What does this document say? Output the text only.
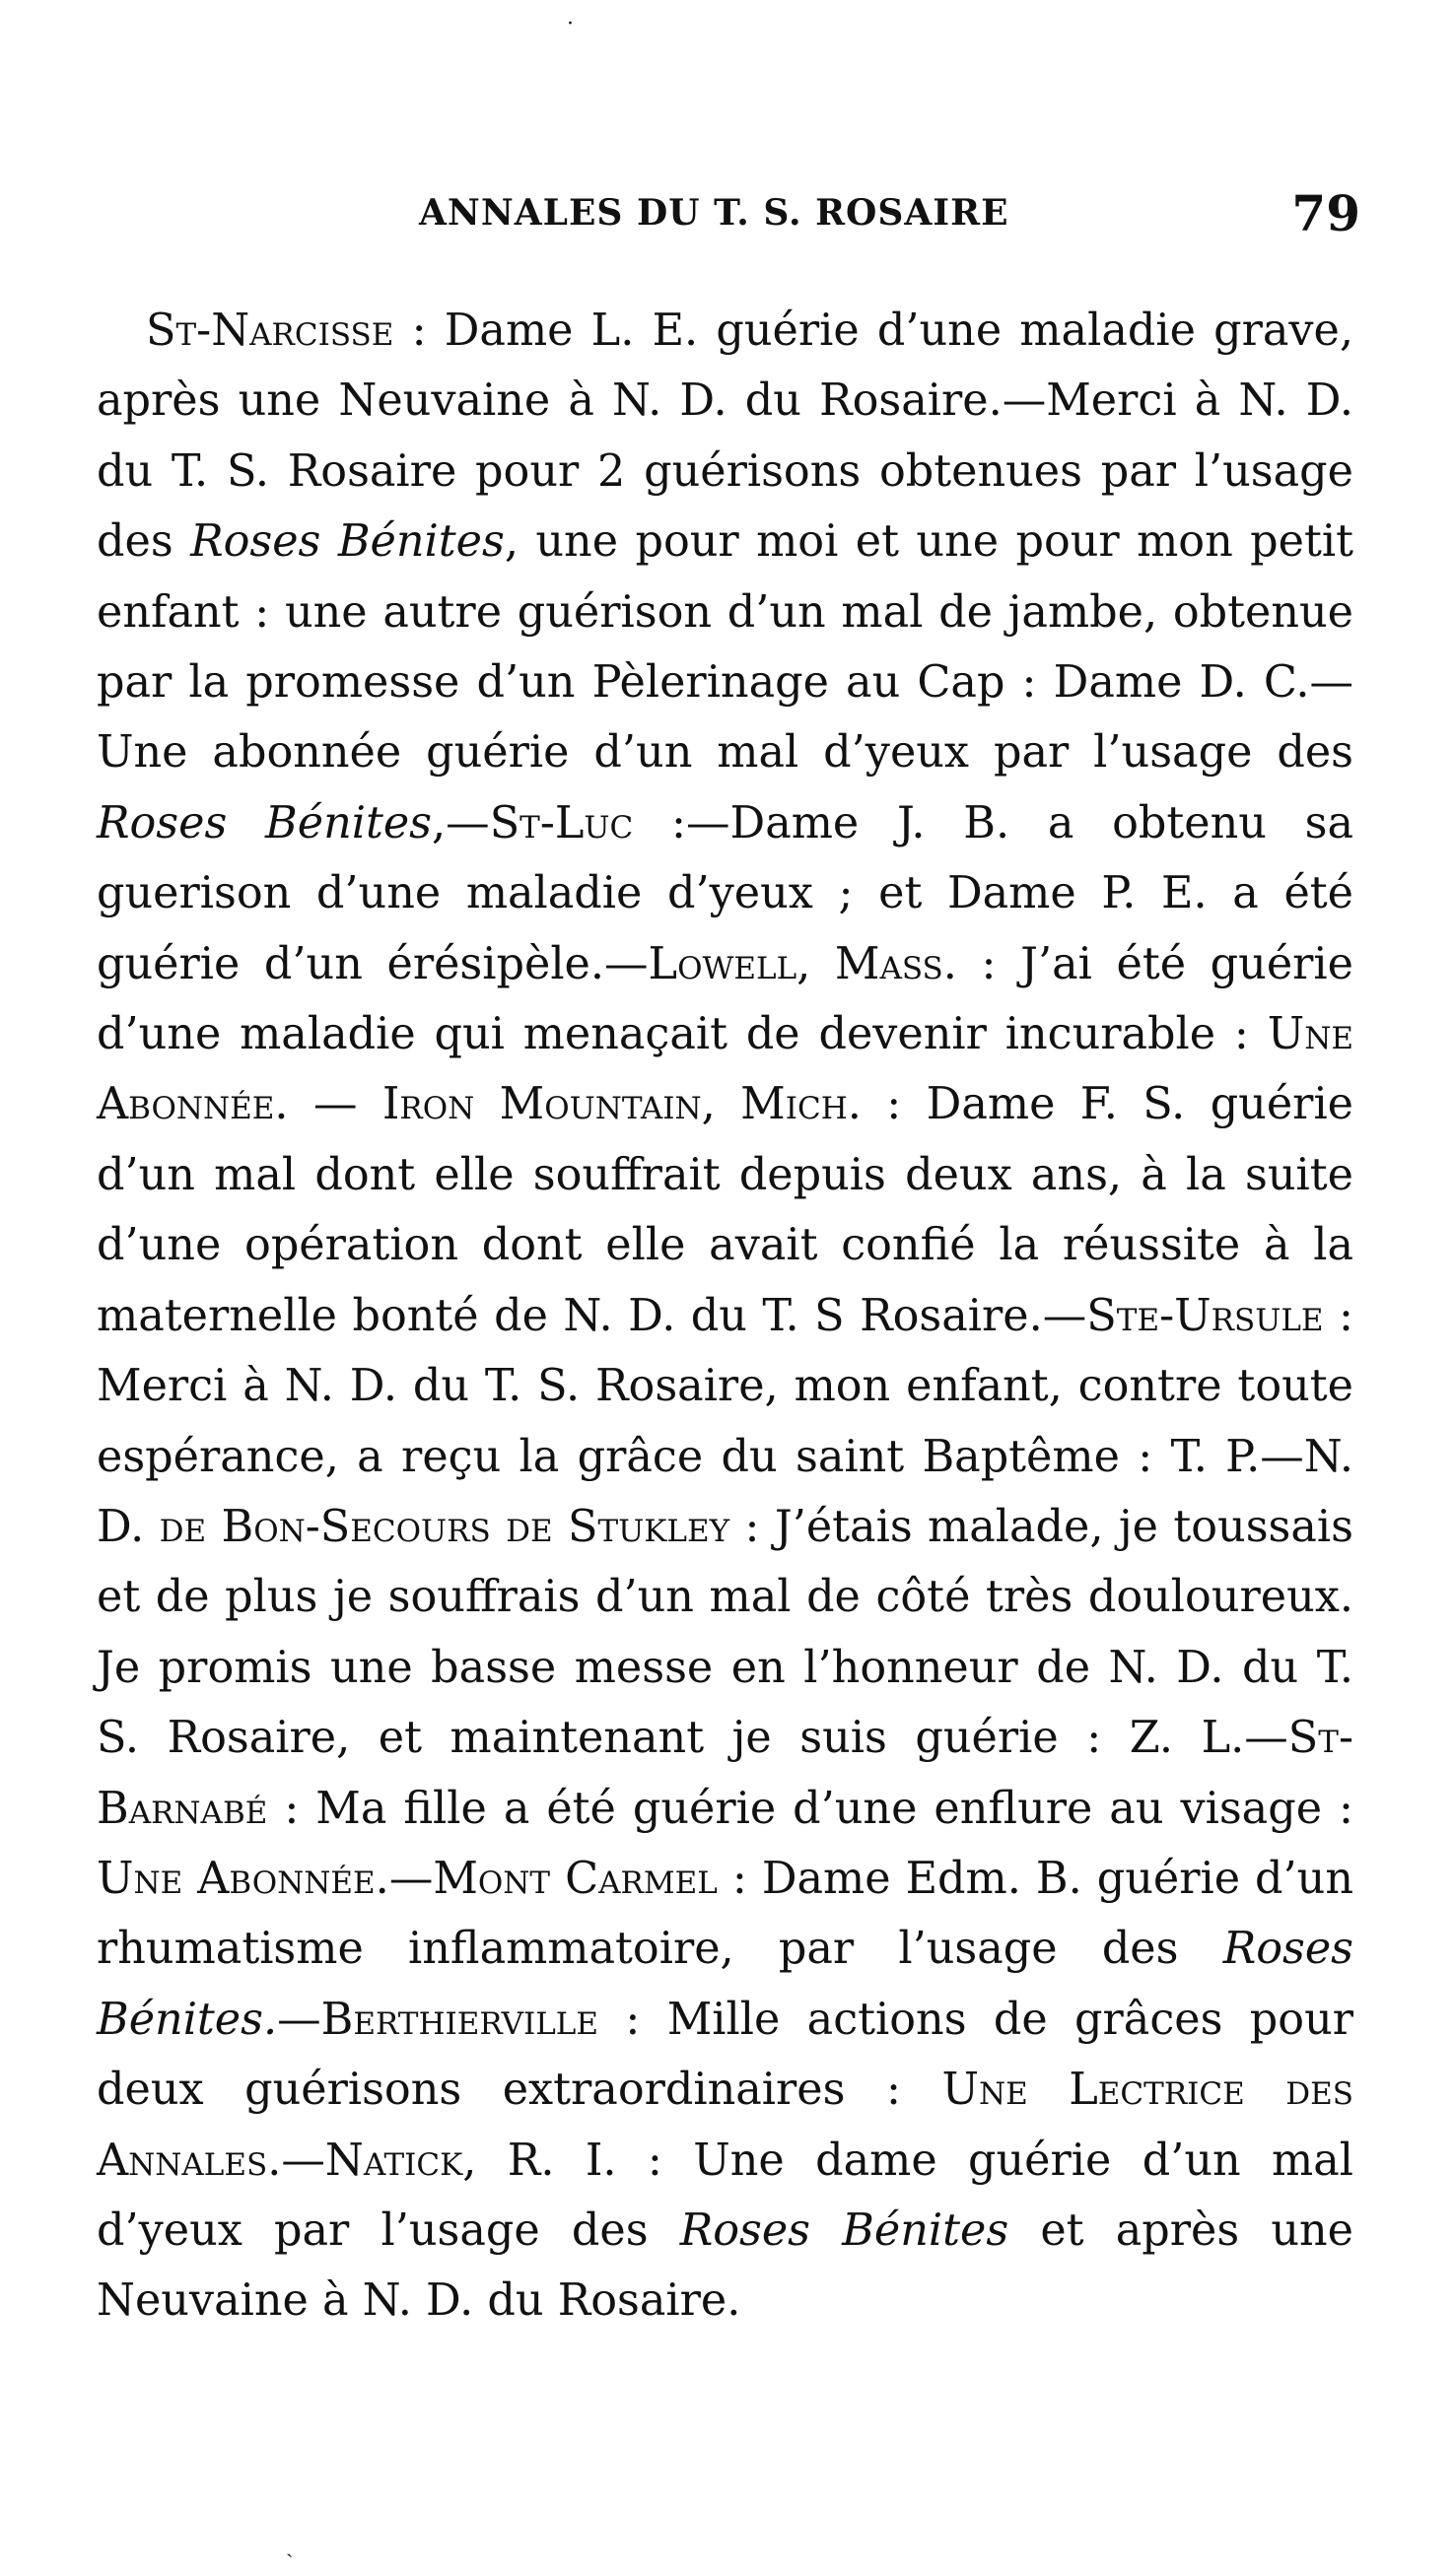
·
ANNALES DU T. S. ROSAIRE	79

St-Narcisse : Dame L. E. guérie d’une maladie grave, après une Neuvaine à N. D. du Rosaire.—Merci à N. D. du T. S. Rosaire pour 2 guérisons obtenues par l’usage des Roses Bénites, une pour moi et une pour mon petit enfant : une autre guérison d’un mal de jambe, obtenue par la promesse d’un Pèlerinage au Cap : Dame D. C.—Une abonnée guérie d’un mal d’yeux par l’usage des Roses Bénites,—St-Luc :—Dame J. B. a obtenu sa guerison d’une maladie d’yeux ; et Dame P. E. a été guérie d’un érésipèle.—Lowell, Mass. : J’ai été guérie d’une maladie qui menaçait de devenir incurable : Une Abonnée. — Iron Mountain, Mich. : Dame F. S. guérie d’un mal dont elle souffrait depuis deux ans, à la suite d’une opération dont elle avait confié la réussite à la maternelle bonté de N. D. du T. S Rosaire.—Ste-Ursule : Merci à N. D. du T. S. Rosaire, mon enfant, contre toute espérance, a reçu la grâce du saint Baptême : T. P.—N. D. de Bon-Secours de Stukley : J’étais malade, je toussais et de plus je souffrais d’un mal de côté très douloureux. Je promis une basse messe en l’honneur de N. D. du T. S. Rosaire, et maintenant je suis guérie : Z. L.—St-Barnabé : Ma fille a été guérie d’une enflure au visage : Une Abonnée.—Mont Carmel : Dame Edm. B. guérie d’un rhumatisme inflammatoire, par l’usage des Roses Bénites.—Berthierville : Mille actions de grâces pour deux guérisons extraordinaires : Une Lectrice des Annales.—Natick, R. I. : Une dame guérie d’un mal d’yeux par l’usage des Roses Bénites et après une Neuvaine à N. D. du Rosaire.

ˎ
